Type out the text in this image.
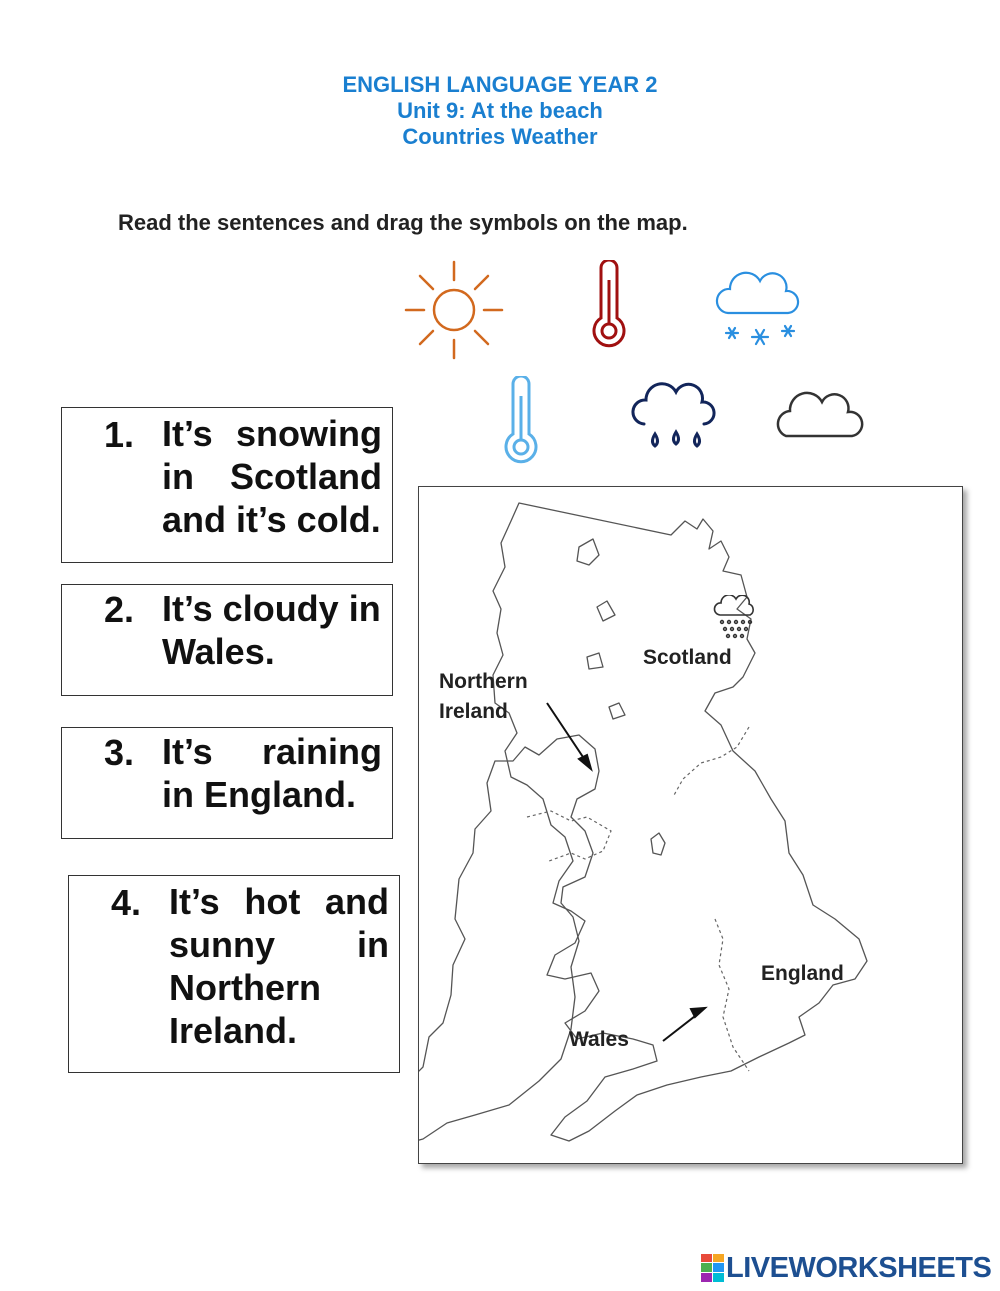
ENGLISH LANGUAGE YEAR 2
Unit 9: At the beach
Countries Weather
Read the sentences and drag the symbols on the map.
1. It’s snowing in Scotland and it’s cold.
2. It’s cloudy in Wales.
3. It’s raining in England.
4. It’s hot and sunny in Northern Ireland.
Scotland
Northern
Ireland
England
Wales
LIVEWORKSHEETS
